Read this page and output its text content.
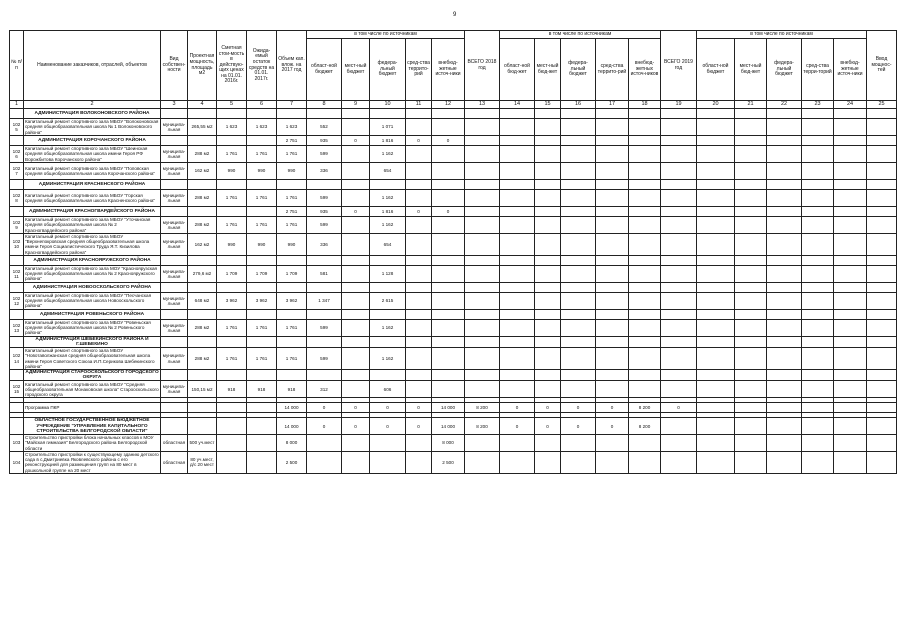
9
№ п/п	Наименование заказчиков, отраслей, объектов	Вид собствен-ности	Проектная мощность, площадь м2	Сметная стои-мость в действую-щих ценах на 01.01. 2016г.	Ожида-емый остаток средств на 01.01. 2017г.	Объем кап. влож. на 2017 год	в том числе по источникам					ВСЕГО 2018 год	в том числе по источникам					ВСЕГО 2019 год	в том числе по источникам					Ввод мощнос-тей
							област-ной бюджет	мест-ный бюджет	федера-льный бюджет	сред-ства террито-рий	внебюд-жетные источ-ники		област-ной бюд-жет	мест-ный бюд-жет	федера-льный бюджет	сред-ства террито-рий	внебюд-жетных источ-ников		област-ной бюджет	мест-ный бюд-жет	федера-льный бюджет	сред-ства терри-торий	внебюд-жетные источ-ники	
1	2	3	4	5	6	7	8	9	10	11	12	13	14	15	16	17	18	19	20	21	22	23	24	25
	АДМИНИСТРАЦИЯ ВОЛОКОНОВСКОГО РАЙОНА																							
102 5	Капитальный ремонт спортивного зала МБОУ "Волоконовская средняя общеобразовательная школа № 1 Волоконовского района"	муниципа-льная	265,55 м2	1 623	1 623	1 623	552		1 071															
	АДМИНИСТРАЦИЯ КОРОЧАНСКОГО РАЙОНА					2 751	935	0	1 816	0	0													
102 6	Капитальный ремонт спортивного зала МБОУ "Шеинская средняя общеобразовательная школа имени Героя РФ Ворожбитова Корочанского района"	муниципа-льная	288 м2	1 761	1 761	1 761	599		1 162															
102 7	Капитальный ремонт спортивного зала МБОУ "Поповская средняя общеобразовательная школа Корочанского района"	муниципа-льная	162 м2	990	990	990	336		654															
	АДМИНИСТРАЦИЯ КРАСНЕНСКОГО РАЙОНА																							
102 8	Капитальный ремонт спортивного зала МБОУ "Горская средняя общеобразовательная школа Красненского района"	муниципа-льная	288 м2	1 761	1 761	1 761	599		1 162															
	АДМИНИСТРАЦИЯ КРАСНОГВАРДЕЙСКОГО РАЙОНА					2 751	935	0	1 816	0	0													
102 9	Капитальный ремонт спортивного зала МБОУ "Уточанская средняя общеобразовательная школа № 2 Красногвардейского района"	муниципа-льная	288 м2	1 761	1 761	1 761	599		1 162															
102 10	Капитальный ремонт спортивного зала МБОУ "Верхнепокровская средняя общеобразовательная школа имени Героя Социалистического Труда Я.Т. Кизилова Красногвардейского района"	муниципа-льная	162 м2	990	990	990	336		654															
	АДМИНИСТРАЦИЯ КРАСНОЯРУЖСКОГО РАЙОНА																							
102 11	Капитальный ремонт спортивного зала МОУ "Красноярузская средняя общеобразовательная школа № 2 Краснояружского района"	муниципа-льная	279,6 м2	1 709	1 709	1 709	581		1 128															
	АДМИНИСТРАЦИЯ НОВООСКОЛЬСКОГО РАЙОНА																							
102 12	Капитальный ремонт спортивного зала МБОУ "Песчанская средняя общеобразовательная школа Новооскольского района"	муниципа-льная	648 м2	3 962	3 962	3 962	1 347		2 615															
	АДМИНИСТРАЦИЯ РОВЕНЬСКОГО РАЙОНА																							
102 13	Капитальный ремонт спортивного зала МБОУ "Ровеньская средняя общеобразовательная школа № 2 Ровеньского района"	муниципа-льная	288 м2	1 761	1 761	1 761	599		1 162															
	АДМИНИСТРАЦИЯ ШЕБЕКИНСКОГО РАЙОНА И Г.ШЕБЕКИНО																							
102 14	Капитальный ремонт спортивного зала МБОУ "Новотаволжанская средняя общеобразовательная школа имени Героя Советского Союза И.П.Серикова Шебекинского района"	муниципа-льная	288 м2	1 761	1 761	1 761	599		1 162															
	АДМИНИСТРАЦИЯ СТАРООСКОЛЬСКОГО ГОРОДСКОГО ОКРУГА																							
102 15	Капитальный ремонт спортивного зала МБОУ "Средняя общеобразовательная Монаковская школа" Старооскольского городского округа	муниципа-льная	150,15 м2	918	918	918	312		606															

	Программа ПКР					14 000	0	0	0	0	14 000	8 200	0	0	0	0	8 200	0						

	ОБЛАСТНОЕ ГОСУДАРСТВЕННОЕ БЮДЖЕТНОЕ УЧРЕЖДЕНИЕ "УПРАВЛЕНИЕ КАПИТАЛЬНОГО СТРОИТЕЛЬСТВА БЕЛГОРОДСКОЙ ОБЛАСТИ"					14 000	0	0	0	0	14 000	8 200	0	0	0	0	8 200							
103	Строительство пристройки блока начальных классов к МОУ "Майская гимназия" Белгородского района Белгородской области	областная	500 уч.мест			8 000					8 000													
104	Строительство пристройки к существующему зданию детского сада в с.Дмитриевка Яковлевского района с его реконструкцией для размещения групп на 80 мест в дошкольной группе на 20 мест	областная	80 уч.мест, д/с 20 мест			2 500					2 500													
